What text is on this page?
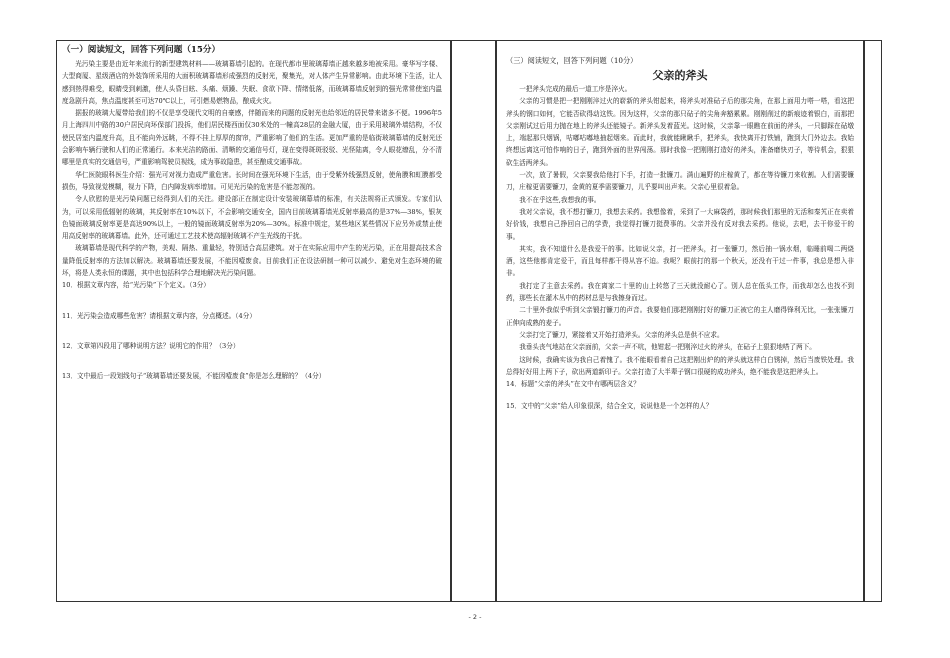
（一）阅读短文，回答下列问题（15分）

光污染主要是由近年来流行的新型建筑材料——玻璃幕墙引起的。在现代都市里玻璃幕墙正越来越多地被采用。豪华写字楼、大型商厦、星级酒店的外装饰所采用的大面积玻璃幕墙形成强烈的反射光，聚集光，对人体产生异常影响。由此环境下生活，让人感到热得难受，眼睛受到刺激，使人头昏目眩、头痛、烦躁、失眠、食欲下降、情绪低落，而玻璃幕墙反射到的强光常常使室内温度急剧升高，焦点温度甚至可达70℃以上，可引燃易燃物品，酿成火灾。

据报的玻璃大厦带给我们的不仅是享受现代文明的自豪感，伴随而来的问题的反射光也给邻近的居民带来诸多不便。1996年5月上海四川中路的30户居民向环保部门投拆，他们居民楼西面仅30米处的一幢高28层的金融大厦，由于采用玻璃外墙结构，不仅使民居室内温度升高，且不能向外远眺，不得不挂上厚厚的窗帘，严重影响了他们的生活。更加严重的是临街玻璃幕墙的反射光还会影响车辆行驶和人们的正常通行。本来光洁的路面、清晰的交通信号灯，现在变得斑斑驳驳、光怪陆离，令人眼花缭乱，分不清哪里是真实的交通信号，严重影响驾驶员视线，成为事故隐患，甚至酿成交通事故。

华仁医院眼科医生介绍：强光可对视力造成严重危害。长时间在强光环境下生活，由于受紫外线强烈反射，使角膜和虹膜都受损伤，导致视觉模糊，视力下降，白内障发病率增加。可见光污染的危害是不能忽视的。

令人欣慰的是光污染问题已经得到人们的关注。建设部正在制定设计安装玻璃幕墙的标准，有关法规将正式颁发。专家们认为，可以采用低辐射的玻璃，其反射率在10%以下，不会影响交通安全，国内目前玻璃幕墙光反射率最高的是37%—38%，银灰色镜面玻璃反射率更是高达90%以上，一般的镜面玻璃反射率为20%—30%。标准中规定，某些地区某些情况下应另外或禁止使用高反射率的玻璃幕墙。此外，还可通过工艺技术使高辐射玻璃不产生光线的干扰。

玻璃幕墙是现代科学的产物，美观、隔热、重量轻，特别适合高层建筑。对于在实际应用中产生的光污染，正在用提高技术含量降低反射率的方法加以解决。玻璃幕墙还要发展，不能因噎废食。目前我们正在设法研制一种可以减少、避免对生态环境的破坏，将是人类永恒的课题，其中也包括科学合理地解决光污染问题。

10．根据文章内容，给“光污染”下个定义。（3分）

11．光污染会造成哪些危害？请根据文章内容，分点概述。（4分）

12．文章第四段用了哪种说明方法？说明它的作用？（3分）

13．文中最后一段划线句子“玻璃幕墙还要发展，不能因噎废食”你是怎么理解的？（4分）

（三）阅读短文，回答下列问题（10分）
父亲的斧头

一把斧头完成的最后一道工序是淬火。

父亲的习惯是把一把刚刚淬过火的崭新的斧头钳起来，将斧头对准砧子后的那尖角，在那上面用力嗒一嗒，看这把斧头的钢口如何，它能否砍得动这铁。因为这样，父亲的那只砧子的尖角奔豁累累。刚刚削过的新痕迹着银白，而那把父亲刚试过后用力抛在地上的斧头还能镜子。新斧头发着蓝光。这时候，父亲靠一眼瞧在前面的斧头，一只脚踩在砧墩上，端起那只烟锅，咕嘟咕嘟地抽起烟来。而此时，我就能瞅瞅手，把斧头，我快离开打铁铺，跑到大门外边去。我始终想远离这可怕作响的日子，跑到外面的世界闯荡。那时我像一把刚刚打造好的斧头，准备磨快刃子，等待机会，狠狠砍生活两斧头。

一次，放了暑假，父亲要我给他打下手，打造一批镰刀。满山遍野的庄稼黄了，都在等待镰刀来收割。人们需要镰刀，庄稼更需要镰刀，金黄的夏季需要镰刀，儿乎要叫出声来。父亲心里很着急。

我不在乎这些,我想我的事。

我对父亲说，我不想打镰刀，我想去采药。我想像着，采到了一大麻袋药，那时候我们那里的无活和秦艽正在卖着好价钱，我想自己挣回自己的学费，我觉得打镰刀挺费事的。父亲并没有反对我去采药。他说，去吧，去干你爱干的事。

其实，我不知道什么是我爱干的事。比如说父亲，打一把斧头，打一张镰刀，然后抽一锅水烟，临睡前喝二两烧酒，这些他都肯定爱干，而且每样都干得从容不迫。我呢？眼前打的那一个秋天，还没有干过一件事，我总是想入非非。

我打定了主意去采药。我在离家二十里的山上转悠了三天就没耐心了。别人总在低头工作，而我却怎么也找不到药，那些长在灌木丛中的药材总是与我擦身而过。

二十里外我似乎听到父亲锻打镰刀的声音。我要他们那把刚刚打好的镰刀正被它的主人磨得锋利无比，一张张镰刀正伸向成熟的麦子。

父亲打完了镰刀，紧接着又开始打造斧头。父亲的斧头总是供不应求。

我垂头丧气地站在父亲面前，父亲一声不吭，他钳起一把刚淬过火的斧头，在砧子上狠狠地嗒了两下。

这时候，我确实该为我自己着愧了。我不能眼看着自己这把刚出炉的的斧头就这样白白锈掉，然后当废铁处理。我总得好好用上两下子，砍出两道新印子。父亲打造了大半辈子钢口很硬的成功斧头，绝不能我是这把斧头上。

14．标题“父亲的斧头”在文中有哪两层含义？

15．文中的“父亲”给人印象很深，结合全文，说说他是一个怎样的人？

- 2 -
